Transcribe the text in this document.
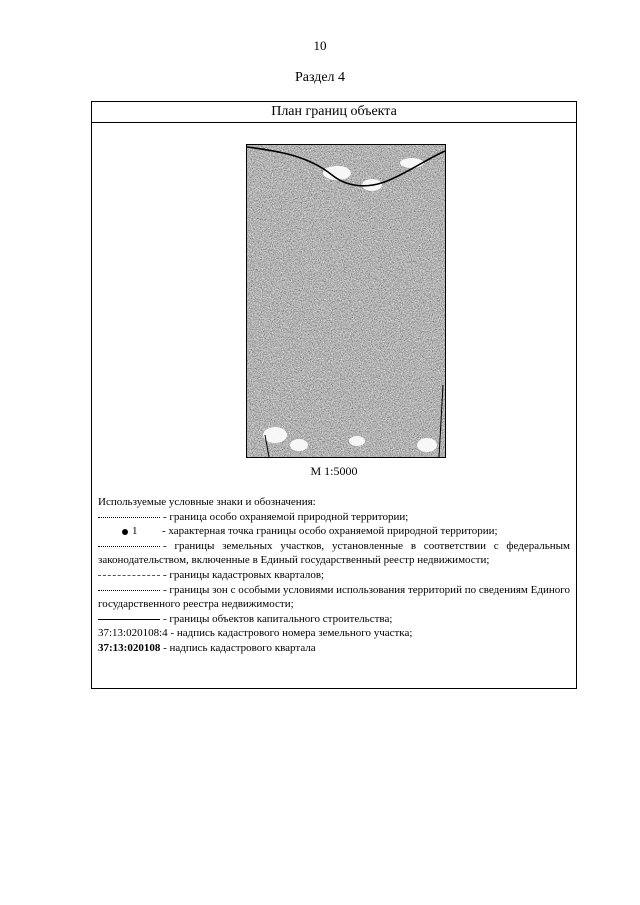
10
Раздел 4
План границ объекта
М 1:5000
Используемые условные знаки и обозначения:
- граница особо охраняемой природной территории;
1 - характерная точка границы особо охраняемой природной территории;
- границы земельных участков, установленные в соответствии с федеральным законодательством, включенные в Единый государственный реестр недвижимости;
- границы кадастровых кварталов;
- границы зон с особыми условиями использования территорий по сведениям Единого государственного реестра недвижимости;
- границы объектов капитального строительства;
37:13:020108:4 - надпись кадастрового номера земельного участка;
37:13:020108 - надпись кадастрового квартала
